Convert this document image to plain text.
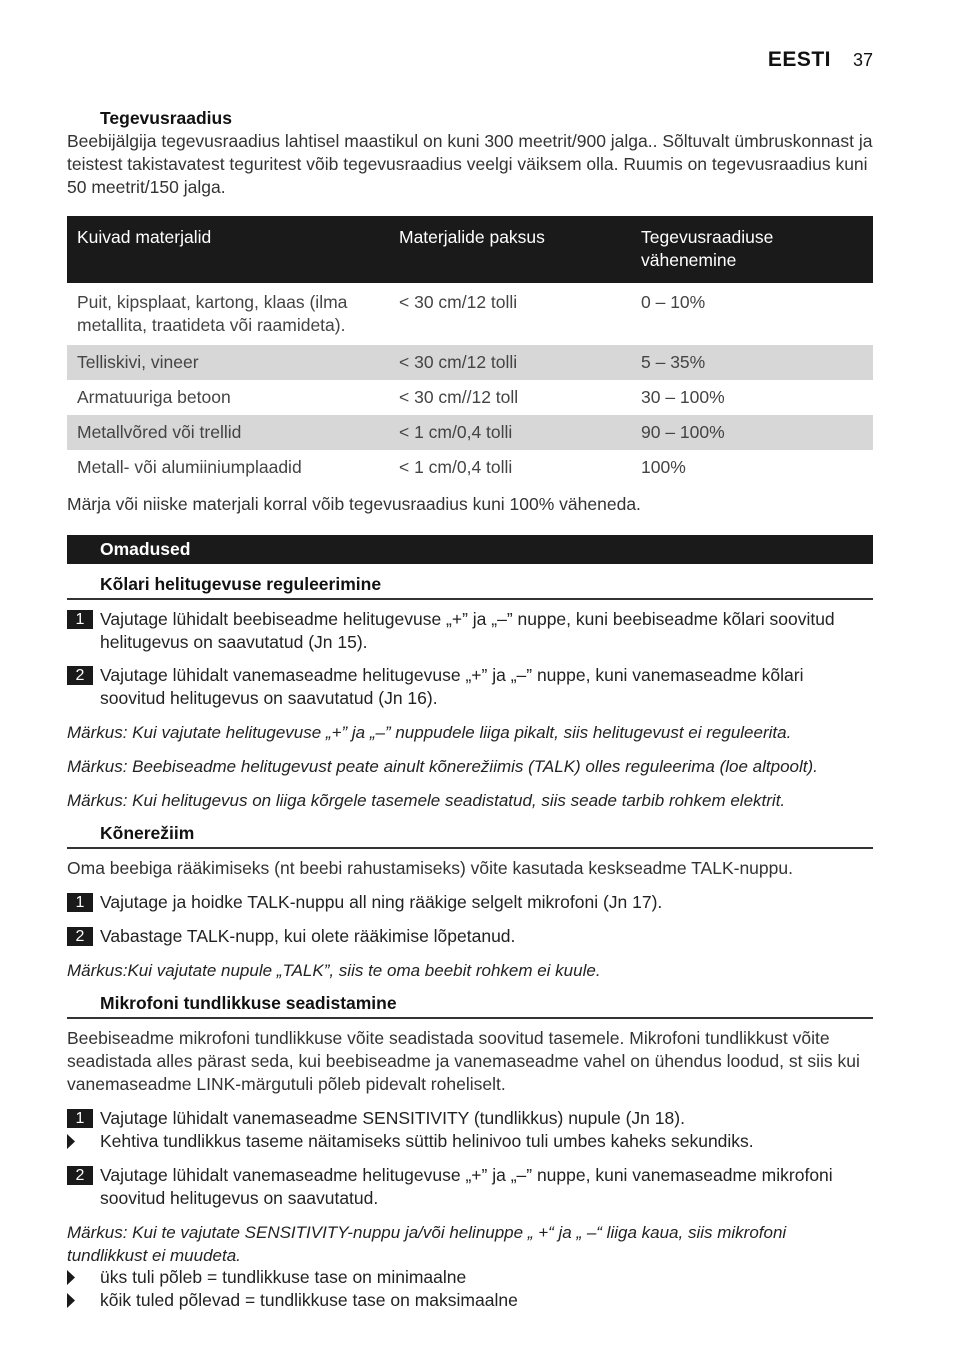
EESTI 37
Tegevusraadius
Beebijälgija tegevusraadius lahtisel maastikul on kuni 300 meetrit/900 jalga.. Sõltuvalt ümbruskonnast ja teistest takistavatest teguritest võib tegevusraadius veelgi väiksem olla. Ruumis on tegevusraadius kuni 50 meetrit/150 jalga.
Kuivad materjalid	Materjalide paksus	Tegevusraadiuse vähenemine
Puit, kipsplaat, kartong, klaas (ilma metallita, traatideta või raamideta).	< 30 cm/12 tolli	0 – 10%
Telliskivi, vineer	< 30 cm/12 tolli	5 – 35%
Armatuuriga betoon	< 30 cm//12 toll	30 – 100%
Metallvõred või trellid	< 1 cm/0,4 tolli	90 – 100%
Metall- või alumiiniumplaadid	< 1 cm/0,4 tolli	100%
Märja või niiske materjali korral võib tegevusraadius kuni 100% väheneda.
Omadused
Kõlari helitugevuse reguleerimine
1 Vajutage lühidalt beebiseadme helitugevuse „+” ja „–” nuppe, kuni beebiseadme kõlari soovitud helitugevus on saavutatud (Jn 15).
2 Vajutage lühidalt vanemaseadme helitugevuse „+” ja „–” nuppe, kuni vanemaseadme kõlari soovitud helitugevus on saavutatud (Jn 16).
Märkus: Kui vajutate helitugevuse „+” ja „–” nuppudele liiga pikalt, siis helitugevust ei reguleerita.
Märkus: Beebiseadme helitugevust peate ainult kõnerežiimis (TALK) olles reguleerima (loe altpoolt).
Märkus: Kui helitugevus on liiga kõrgele tasemele seadistatud, siis seade tarbib rohkem elektrit.
Kõnerežiim
Oma beebiga rääkimiseks (nt beebi rahustamiseks) võite kasutada keskseadme TALK-nuppu.
1 Vajutage ja hoidke TALK-nuppu all ning rääkige selgelt mikrofoni (Jn 17).
2 Vabastage TALK-nupp, kui olete rääkimise lõpetanud.
Märkus:Kui vajutate nupule „TALK”, siis te oma beebit rohkem ei kuule.
Mikrofoni tundlikkuse seadistamine
Beebiseadme mikrofoni tundlikkuse võite seadistada soovitud tasemele. Mikrofoni tundlikkust võite seadistada alles pärast seda, kui beebiseadme ja vanemaseadme vahel on ühendus loodud, st siis kui vanemaseadme LINK-märgutuli põleb pidevalt roheliselt.
1 Vajutage lühidalt vanemaseadme SENSITIVITY (tundlikkus) nupule (Jn 18).
Kehtiva tundlikkus taseme näitamiseks süttib helinivoo tuli umbes kaheks sekundiks.
2 Vajutage lühidalt vanemaseadme helitugevuse „+” ja „–” nuppe, kuni vanemaseadme mikrofoni soovitud helitugevus on saavutatud.
Märkus: Kui te vajutate SENSITIVITY-nuppu ja/või helinuppe „ +“ ja „ –“ liiga kaua, siis mikrofoni tundlikkust ei muudeta.
üks tuli põleb = tundlikkuse tase on minimaalne
kõik tuled põlevad = tundlikkuse tase on maksimaalne
